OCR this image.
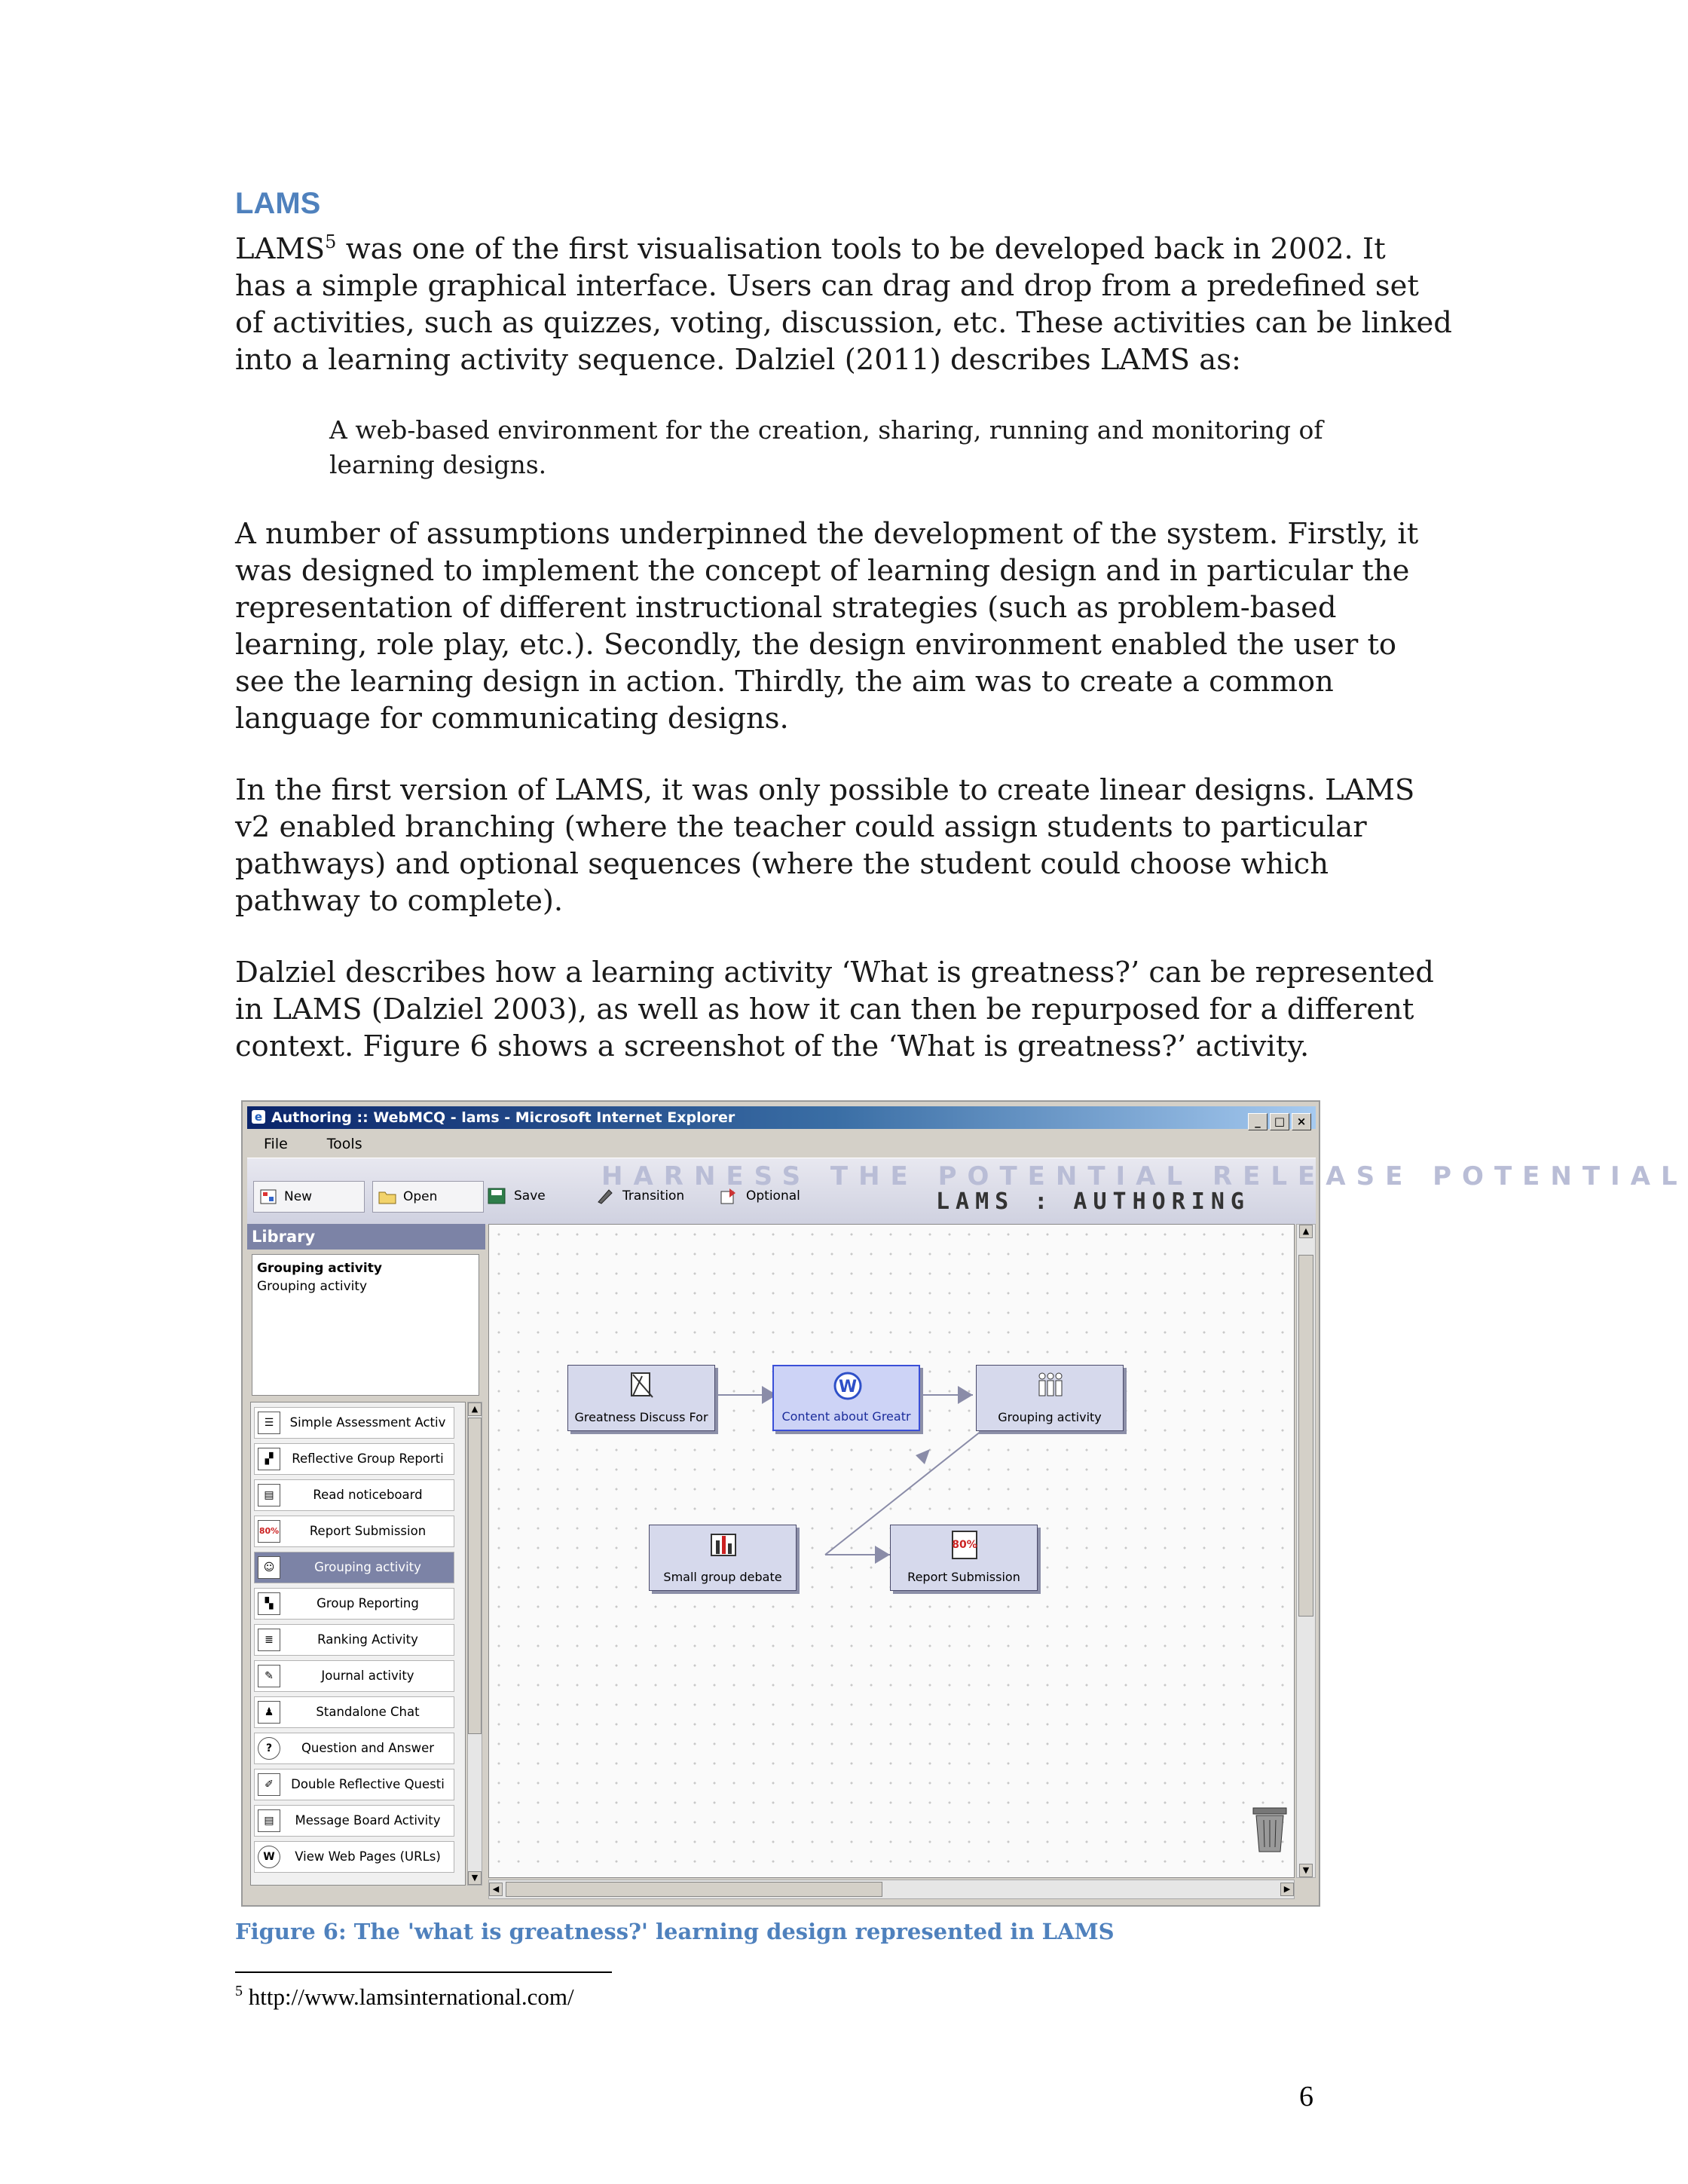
LAMS
LAMS$^5$ was one of the first visualisation tools to be developed back in 2002. It
has a simple graphical interface. Users can drag and drop from a predefined set
of activities, such as quizzes, voting, discussion, etc. These activities can be linked
into a learning activity sequence. Dalziel (2011) describes LAMS as:
A web-based environment for the creation, sharing, running and monitoring of
learning designs.
A number of assumptions underpinned the development of the system. Firstly, it
was designed to implement the concept of learning design and in particular the
representation of different instructional strategies (such as problem-based
learning, role play, etc.). Secondly, the design environment enabled the user to
see the learning design in action. Thirdly, the aim was to create a common
language for communicating designs.
In the first version of LAMS, it was only possible to create linear designs. LAMS
v2 enabled branching (where the teacher could assign students to particular
pathways) and optional sequences (where the student could choose which
pathway to complete).
Dalziel describes how a learning activity ‘What is greatness?’ can be represented
in LAMS (Dalziel 2003), as well as how it can then be repurposed for a different
context. Figure 6 shows a screenshot of the ‘What is greatness?’ activity.
e Authoring :: WebMCQ - lams - Microsoft Internet Explorer	_ □ ×
File	Tools
HARNESS THE POTENTIAL RELEASE POTENTIAL
New	Open	Save	Transition	Optional	LAMS : AUTHORING
Library
Grouping activity
Grouping activity
☰	Simple Assessment Activ
▞	Reflective Group Reporti
▤	Read noticeboard
80%	Report Submission
☺	Grouping activity
▚	Group Reporting
≣	Ranking Activity
✎	Journal activity
♟	Standalone Chat
?	Question and Answer
✐	Double Reflective Questi
▤	Message Board Activity
W	View Web Pages (URLs)
▲
▼
Greatness Discuss For
W
Content about Greatr	Grouping activity
Small group debate
80%
Report Submission
▲
▼
◀	▶
Figure 6: The 'what is greatness?' learning design represented in LAMS
$^5$ http://www.lamsinternational.com/
6
